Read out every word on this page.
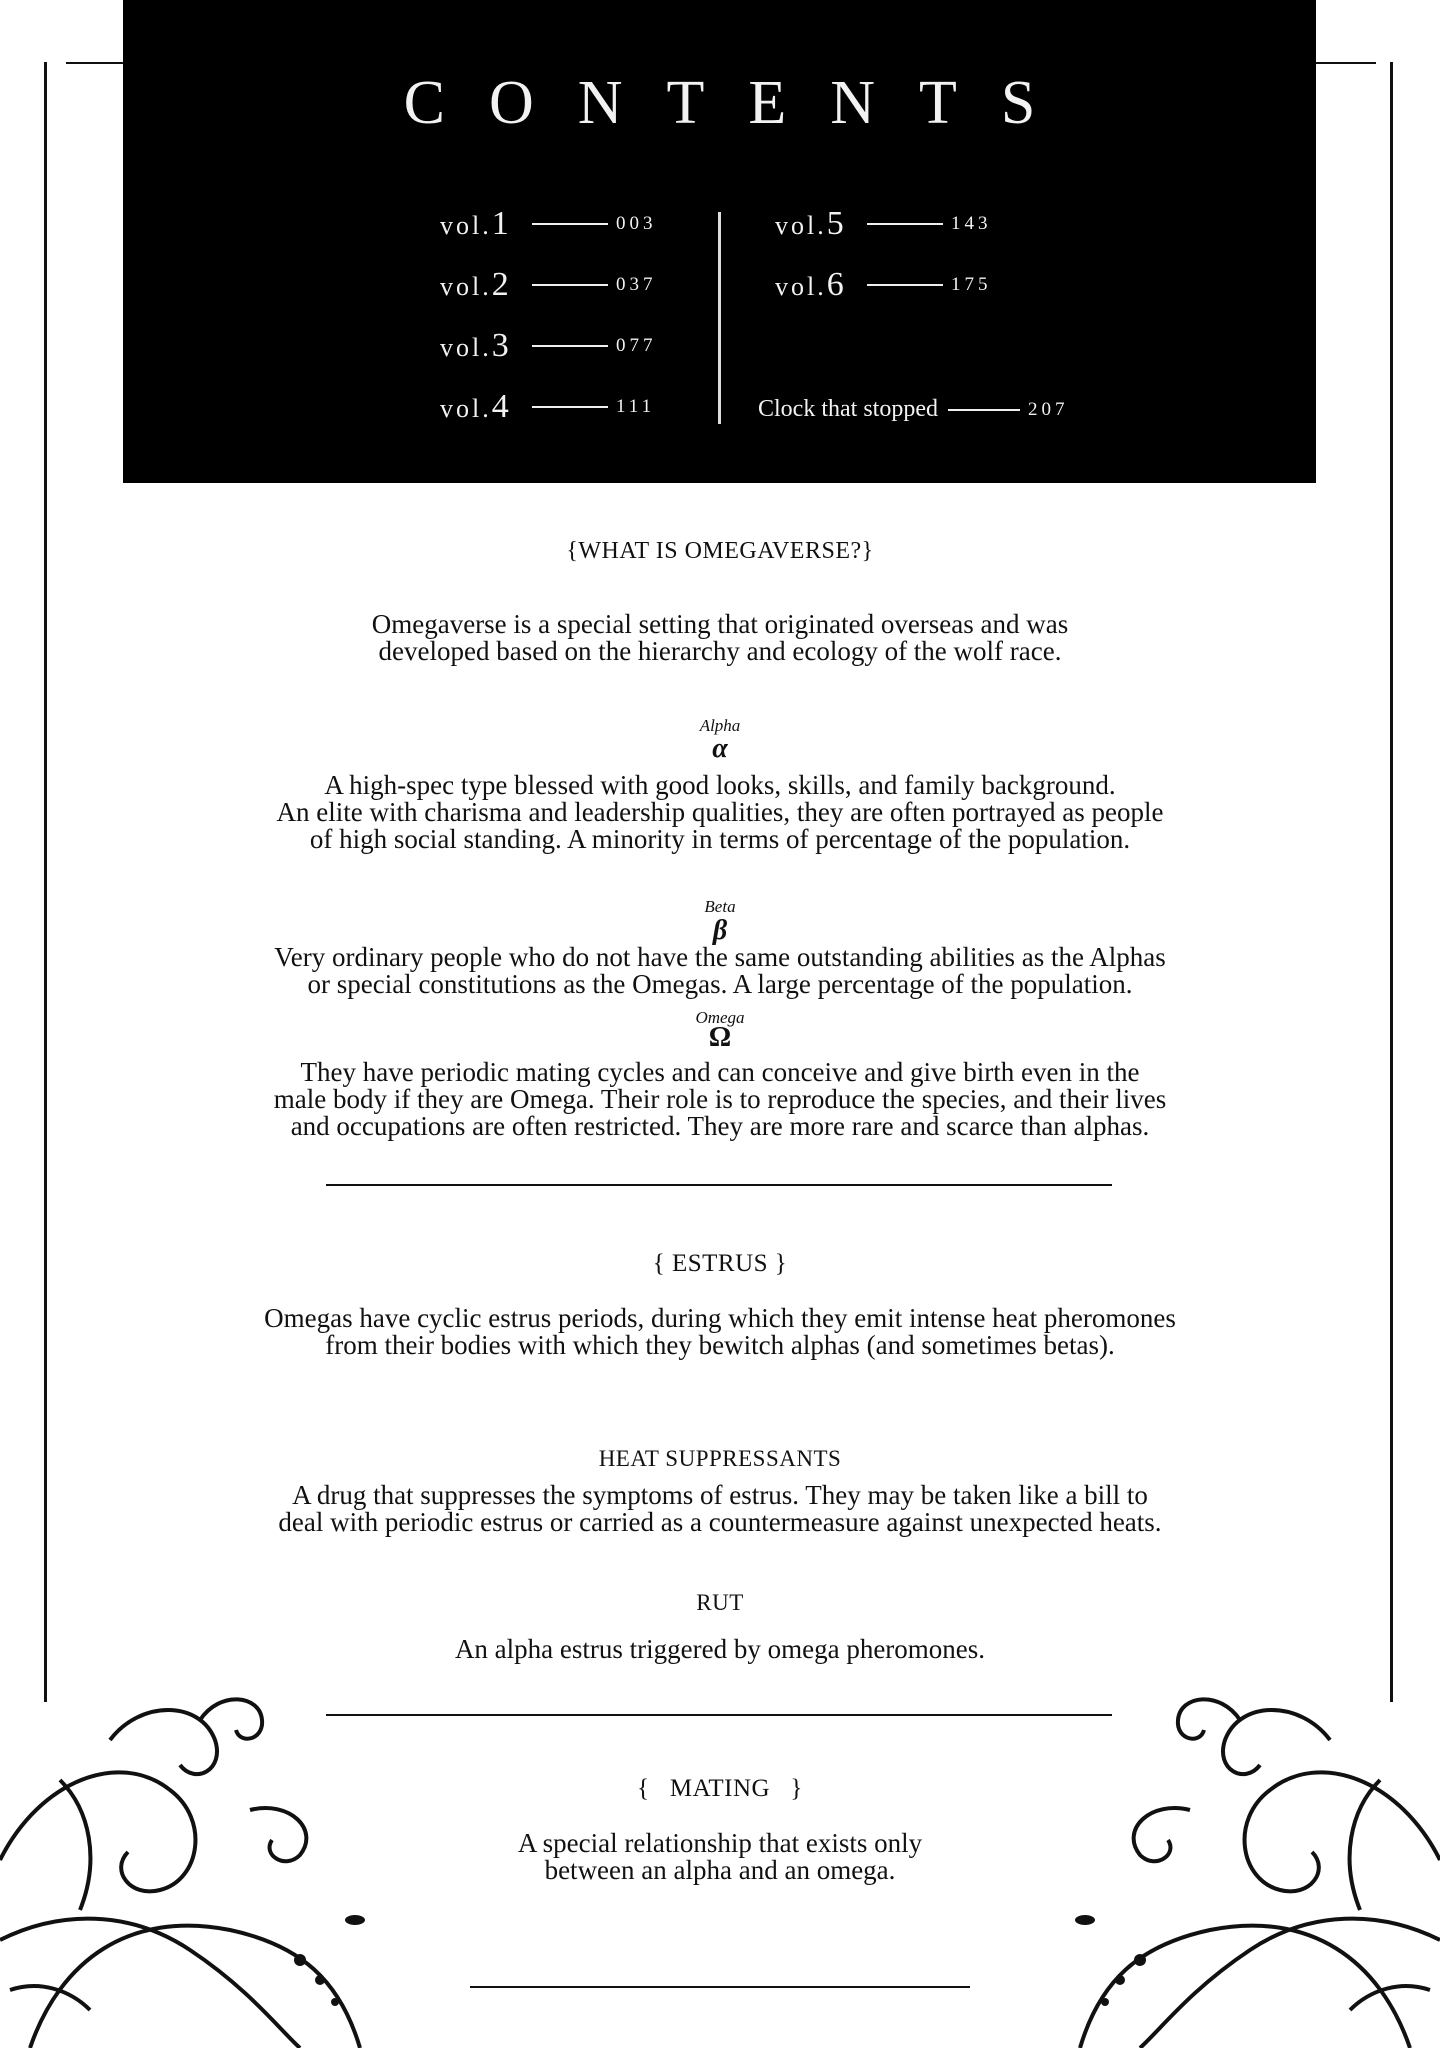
CONTENTS
vol.1	003
vol.2	037
vol.3	077
vol.4	111
vol.5	143
vol.6	175
Clock that stopped	207
{WHAT IS OMEGAVERSE?}
Omegaverse is a special setting that originated overseas and was
developed based on the hierarchy and ecology of the wolf race.
Alpha
α
A high-spec type blessed with good looks, skills, and family background.
An elite with charisma and leadership qualities, they are often portrayed as people
of high social standing. A minority in terms of percentage of the population.
Beta
β
Very ordinary people who do not have the same outstanding abilities as the Alphas
or special constitutions as the Omegas. A large percentage of the population.
Omega
Ω
They have periodic mating cycles and can conceive and give birth even in the
male body if they are Omega. Their role is to reproduce the species, and their lives
and occupations are often restricted. They are more rare and scarce than alphas.
{ ESTRUS }
Omegas have cyclic estrus periods, during which they emit intense heat pheromones
from their bodies with which they bewitch alphas (and sometimes betas).
HEAT SUPPRESSANTS
A drug that suppresses the symptoms of estrus. They may be taken like a bill to
deal with periodic estrus or carried as a countermeasure against unexpected heats.
RUT
An alpha estrus triggered by omega pheromones.
{   MATING   }
A special relationship that exists only
between an alpha and an omega.
